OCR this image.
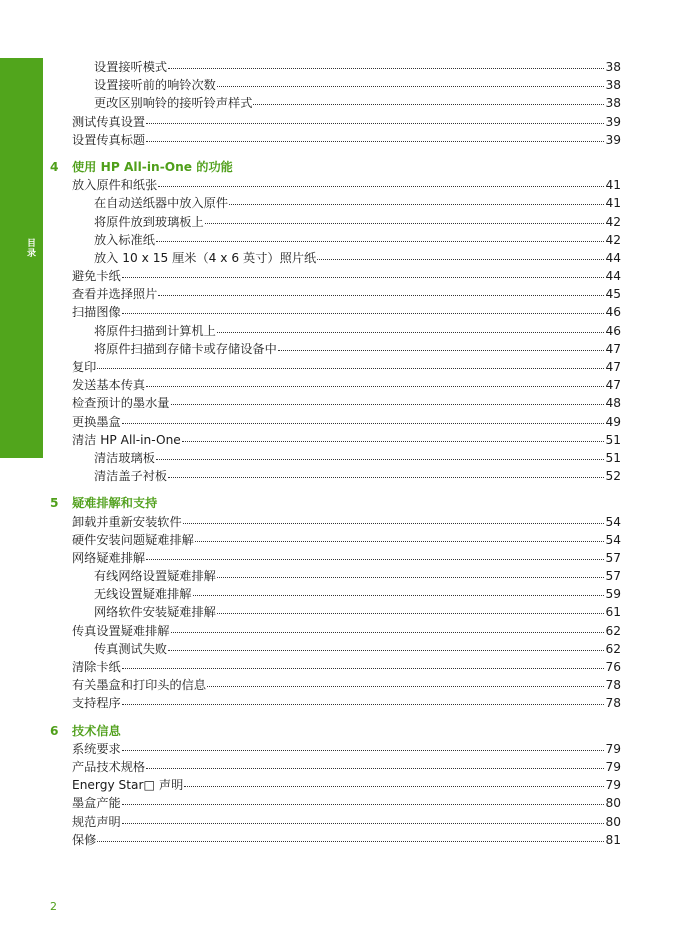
目录
设置接听模式	38
设置接听前的响铃次数	38
更改区别响铃的接听铃声样式	38
测试传真设置	39
设置传真标题	39
4	使用 HP All-in-One 的功能
放入原件和纸张	41
在自动送纸器中放入原件	41
将原件放到玻璃板上	42
放入标准纸	42
放入 10 x 15 厘米（4 x 6 英寸）照片纸	44
避免卡纸	44
查看并选择照片	45
扫描图像	46
将原件扫描到计算机上	46
将原件扫描到存储卡或存储设备中	47
复印	47
发送基本传真	47
检查预计的墨水量	48
更换墨盒	49
清洁 HP All-in-One	51
清洁玻璃板	51
清洁盖子衬板	52
5	疑难排解和支持
卸载并重新安装软件	54
硬件安装问题疑难排解	54
网络疑难排解	57
有线网络设置疑难排解	57
无线设置疑难排解	59
网络软件安装疑难排解	61
传真设置疑难排解	62
传真测试失败	62
清除卡纸	76
有关墨盒和打印头的信息	78
支持程序	78
6	技术信息
系统要求	79
产品技术规格	79
Energy Star□ 声明	79
墨盒产能	80
规范声明	80
保修	81
2
